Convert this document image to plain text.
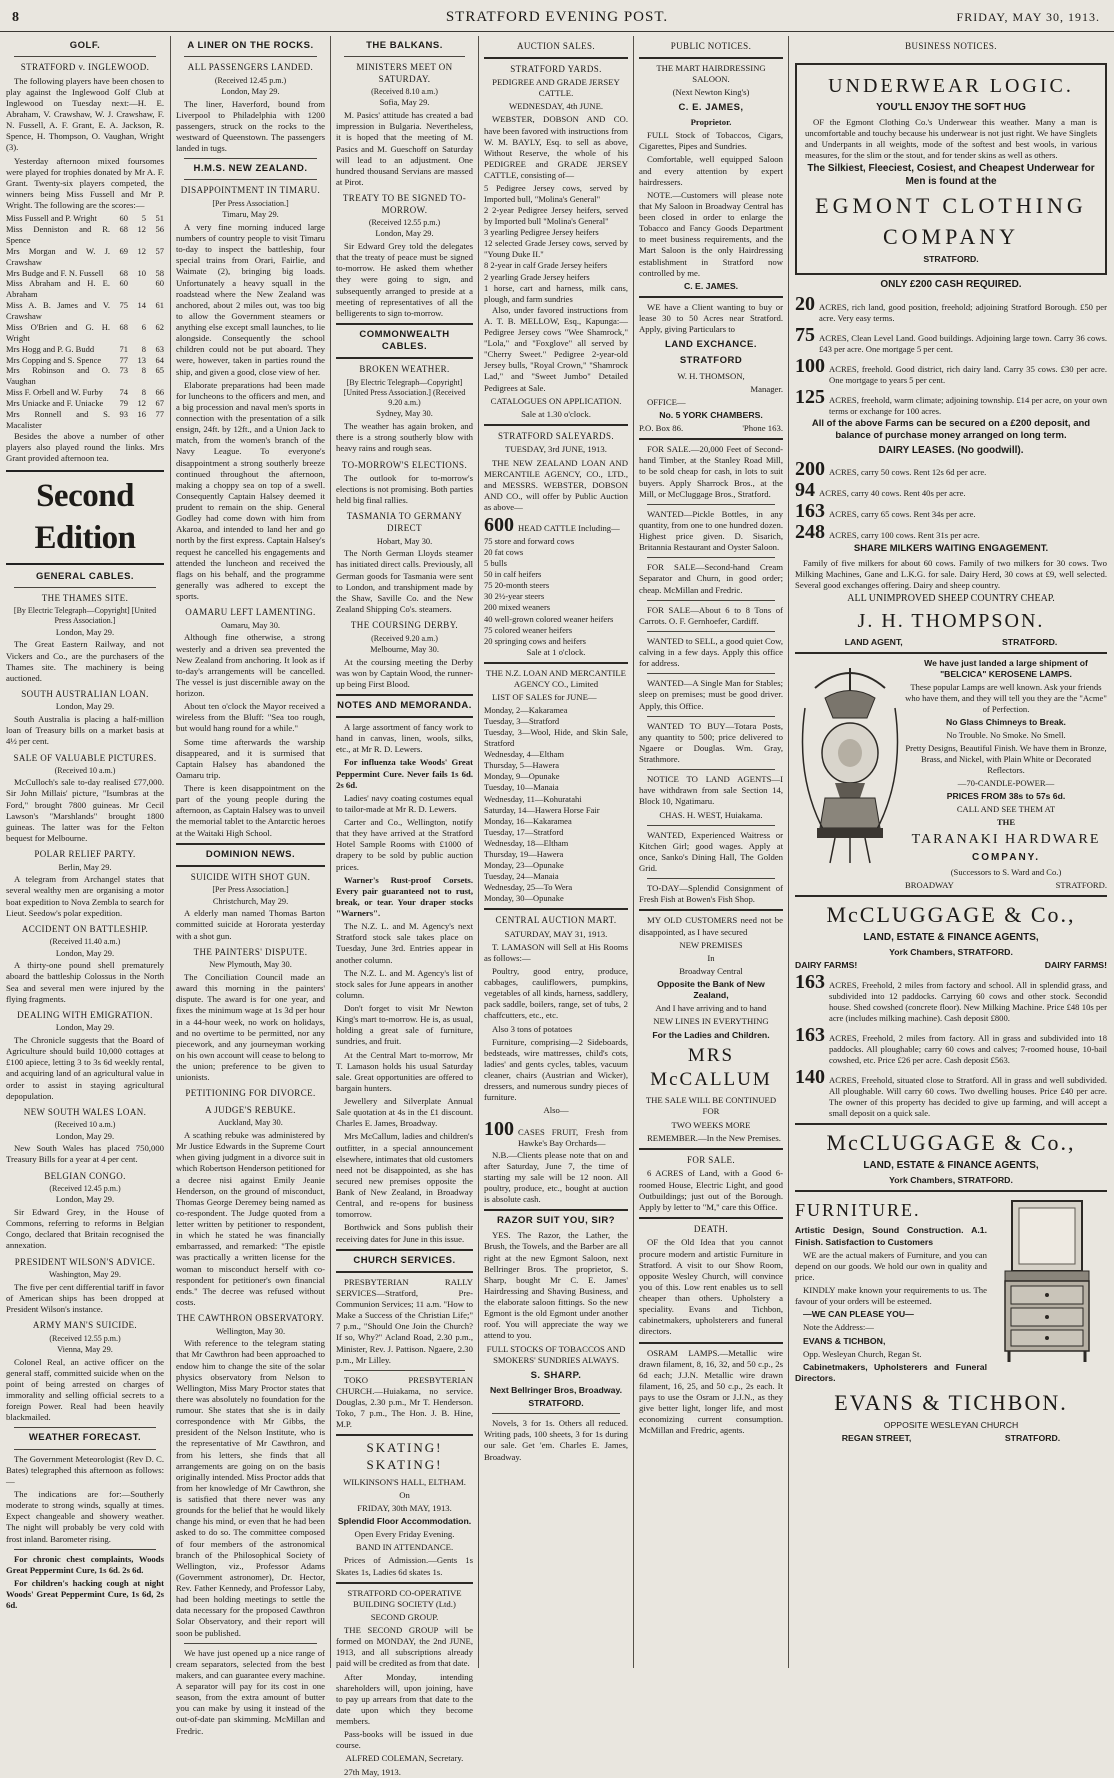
8	STRATFORD EVENING POST.	FRIDAY, MAY 30, 1913.
GOLF.
STRATFORD v. INGLEWOOD.

The following players have been chosen to play against the Inglewood Golf Club at Inglewood on Tuesday next:—H. E. Abraham, V. Crawshaw, W. J. Crawshaw, F. N. Fussell, A. F. Grant, E. A. Jackson, R. Spence, H. Thompson, O. Vaughan, Wright (3).

Yesterday afternoon mixed foursomes were played for trophies donated by Mr A. F. Grant. Twenty-six players competed, the winners being Miss Fussell and Mr P. Wright. The following are the scores:—

Miss Fussell and P. Wright	60	5	51
Miss Denniston and R. Spence	68	12	56
Mrs Morgan and W. J. Crawshaw	69	12	57
Mrs Budge and F. N. Fussell	68	10	58
Miss Abraham and H. E. Abraham	60		60
Miss A. B. James and V. Crawshaw	75	14	61
Miss O'Brien and G. H. Wright	68	6	62
Mrs Hogg and P. G. Budd	71	8	63
Mrs Copping and S. Spence	77	13	64
Mrs Robinson and O. Vaughan	73	8	65
Miss F. Orbell and W. Furby	74	8	66
Mrs Uniacke and F. Uniacke	79	12	67
Mrs Ronnell and S. Macalister	93	16	77

Besides the above a number of other players also played round the links. Mrs Grant provided afternoon tea.

Second Edition
GENERAL CABLES.
THE THAMES SITE.
[By Electric Telegraph—Copyright] [United Press Association.]
London, May 29.

The Great Eastern Railway, and not Vickers and Co., are the purchasers of the Thames site. The machinery is being auctioned.

SOUTH AUSTRALIAN LOAN.
London, May 29.

South Australia is placing a half-million loan of Treasury bills on a market basis at 4½ per cent.

SALE OF VALUABLE PICTURES.
(Received 10 a.m.)

McCulloch's sale to-day realised £77,000. Sir John Millais' picture, "Isumbras at the Ford," brought 7800 guineas. Mr Cecil Lawson's "Marshlands" brought 1800 guineas. The latter was for the Felton bequest for Melbourne.

POLAR RELIEF PARTY.
Berlin, May 29.

A telegram from Archangel states that several wealthy men are organising a motor boat expedition to Nova Zembla to search for Lieut. Seedow's polar expedition.

ACCIDENT ON BATTLESHIP.
(Received 11.40 a.m.)
London, May 29.

A thirty-one pound shell prematurely aboard the battleship Colossus in the North Sea and several men were injured by the flying fragments.

DEALING WITH EMIGRATION.
London, May 29.

The Chronicle suggests that the Board of Agriculture should build 10,000 cottages at £100 apiece, letting 3 to 3s 6d weekly rental, and acquiring land of an agricultural value in order to assist in staying agricultural depopulation.

NEW SOUTH WALES LOAN.
(Received 10 a.m.)
London, May 29.

New South Wales has placed 750,000 Treasury Bills for a year at 4 per cent.

BELGIAN CONGO.
(Received 12.45 p.m.)
London, May 29.

Sir Edward Grey, in the House of Commons, referring to reforms in Belgian Congo, declared that Britain recognised the annexation.

PRESIDENT WILSON'S ADVICE.
Washington, May 29.

The five per cent differential tariff in favor of American ships has been dropped at President Wilson's instance.

ARMY MAN'S SUICIDE.
(Received 12.55 p.m.)
Vienna, May 29.

Colonel Real, an active officer on the general staff, committed suicide when on the point of being arrested on charges of immorality and selling official secrets to a foreign Power. Real had been heavily blackmailed.

WEATHER FORECAST.

The Government Meteorologist (Rev D. C. Bates) telegraphed this afternoon as follows:—

The indications are for:—Southerly moderate to strong winds, squally at times. Expect changeable and showery weather. The night will probably be very cold with frost inland. Barometer rising.

For chronic chest complaints, Woods Great Peppermint Cure, 1s 6d. 2s 6d.

For children's hacking cough at night Woods' Great Peppermint Cure, 1s 6d, 2s 6d.

A LINER ON THE ROCKS.
ALL PASSENGERS LANDED.
(Received 12.45 p.m.)
London, May 29.

The liner, Haverford, bound from Liverpool to Philadelphia with 1200 passengers, struck on the rocks to the westward of Queenstown. The passengers landed in tugs.

H.M.S. NEW ZEALAND.
DISAPPOINTMENT IN TIMARU.
[Per Press Association.]
Timaru, May 29.

A very fine morning induced large numbers of country people to visit Timaru to-day to inspect the battleship, four special trains from Orari, Fairlie, and Waimate (2), bringing big loads. Unfortunately a heavy squall in the roadstead where the New Zealand was anchored, about 2 miles out, was too big to allow the Government steamers or anything else except small launches, to lie alongside. Consequently the school children could not be put aboard. They were, however, taken in parties round the ship, and given a good, close view of her.

Elaborate preparations had been made for luncheons to the officers and men, and a big procession and naval men's sports in connection with the presentation of a silk ensign, 24ft. by 12ft., and a Union Jack to match, from the women's branch of the Navy League. To everyone's disappointment a strong southerly breeze continued throughout the afternoon, making a choppy sea on top of a swell. Consequently Captain Halsey deemed it prudent to remain on the ship. General Godley had come down with him from Akaroa, and intended to land her and go north by the first express. Captain Halsey's request he cancelled his engagements and attended the luncheon and received the flags on his behalf, and the programme generally was adhered to except the sports.

OAMARU LEFT LAMENTING.
Oamaru, May 30.

Although fine otherwise, a strong westerly and a driven sea prevented the New Zealand from anchoring. It look as if to-day's arrangements will be cancelled. The vessel is just discernible away on the horizon.

About ten o'clock the Mayor received a wireless from the Bluff: "Sea too rough, but would hang round for a while."

Some time afterwards the warship disappeared, and it is surmised that Captain Halsey has abandoned the Oamaru trip.

There is keen disappointment on the part of the young people during the afternoon, as Captain Halsey was to unveil the memorial tablet to the Antarctic heroes at the Waitaki High School.

DOMINION NEWS.
SUICIDE WITH SHOT GUN.
[Per Press Association.]
Christchurch, May 29.

A elderly man named Thomas Barton committed suicide at Hororata yesterday with a shot gun.

THE PAINTERS' DISPUTE.
New Plymouth, May 30.

The Conciliation Council made an award this morning in the painters' dispute. The award is for one year, and fixes the minimum wage at 1s 3d per hour in a 44-hour week, no work on holidays, and no overtime to be permitted, nor any piecework, and any journeyman working on his own account will cease to belong to the union; preference to be given to unionists.

PETITIONING FOR DIVORCE.
A JUDGE'S REBUKE.
Auckland, May 30.

A scathing rebuke was administered by Mr Justice Edwards in the Supreme Court when giving judgment in a divorce suit in which Robertson Henderson petitioned for a decree nisi against Emily Jeanie Henderson, on the ground of misconduct, Thomas George Deremey being named as co-respondent. The Judge quoted from a letter written by petitioner to respondent, in which he stated he was financially embarrassed, and remarked: "The epistle was practically a written license for the woman to misconduct herself with co-respondent for petitioner's own financial ends." The decree was refused without costs.

THE CAWTHRON OBSERVATORY.
Wellington, May 30.

With reference to the telegram stating that Mr Cawthron had been approached to endow him to change the site of the solar physics observatory from Nelson to Wellington, Miss Mary Proctor states that there was absolutely no foundation for the rumour. She states that she is in daily correspondence with Mr Gibbs, the president of the Nelson Institute, who is the representative of Mr Cawthron, and from his letters, she finds that all arrangements are going on on the basis originally intended. Miss Proctor adds that from her knowledge of Mr Cawthron, she is satisfied that there never was any grounds for the belief that he would likely change his mind, or even that he had been asked to do so. The committee composed of four members of the astronomical branch of the Philosophical Society of Wellington, viz., Professor Adams (Government astronomer), Dr. Hector, Rev. Father Kennedy, and Professor Laby, had been holding meetings to settle the data necessary for the proposed Cawthron Solar Observatory, and their report will soon be published.

We have just opened up a nice range of cream separators, selected from the best makers, and can guarantee every machine. A separator will pay for its cost in one season, from the extra amount of butter you can make by using it instead of the out-of-date pan skimming. McMillan and Fredric.

THE BALKANS.
MINISTERS MEET ON SATURDAY.
(Received 8.10 a.m.)
Sofia, May 29.

M. Pasics' attitude has created a bad impression in Bulgaria. Nevertheless, it is hoped that the meeting of M. Pasics and M. Gueschoff on Saturday will lead to an adjustment. One hundred thousand Servians are massed at Pirot.

TREATY TO BE SIGNED TO-MORROW.
(Received 12.55 p.m.)
London, May 29.

Sir Edward Grey told the delegates that the treaty of peace must be signed to-morrow. He asked them whether they were going to sign, and subsequently arranged to preside at a meeting of representatives of all the belligerents to sign to-morrow.

COMMONWEALTH CABLES.
BROKEN WEATHER.
[By Electric Telegraph—Copyright] [United Press Association.] (Received 9.20 a.m.)
Sydney, May 30.

The weather has again broken, and there is a strong southerly blow with heavy rains and rough seas.

TO-MORROW'S ELECTIONS.

The outlook for to-morrow's elections is not promising. Both parties held big final rallies.

TASMANIA TO GERMANY DIRECT
Hobart, May 30.

The North German Lloyds steamer has initiated direct calls. Previously, all German goods for Tasmania were sent to London, and transhipment made by the Shaw, Saville Co. and the New Zealand Shipping Co's. steamers.

THE COURSING DERBY.
(Received 9.20 a.m.)
Melbourne, May 30.

At the coursing meeting the Derby was won by Captain Wood, the runner-up being First Blood.

NOTES AND MEMORANDA.

A large assortment of fancy work to hand in canvas, linen, wools, silks, etc., at Mr R. D. Lewers.

For influenza take Woods' Great Peppermint Cure. Never fails 1s 6d. 2s 6d.

Ladies' navy coating costumes equal to tailor-made at Mr R. D. Lewers.

Carter and Co., Wellington, notify that they have arrived at the Stratford Hotel Sample Rooms with £1000 of drapery to be sold by public auction prices.

Warner's Rust-proof Corsets. Every pair guaranteed not to rust, break, or tear. Your draper stocks "Warners".

The N.Z. L. and M. Agency's next Stratford stock sale takes place on Tuesday, June 3rd. Entries appear in another column.

The N.Z. L. and M. Agency's list of stock sales for June appears in another column.

Don't forget to visit Mr Newton King's mart to-morrow. He is, as usual, holding a great sale of furniture, sundries, and fruit.

At the Central Mart to-morrow, Mr T. Lamason holds his usual Saturday sale. Great opportunities are offered to bargain hunters.

Jewellery and Silverplate Annual Sale quotation at 4s in the £1 discount. Charles E. James, Broadway.

Mrs McCallum, ladies and children's outfitter, in a special announcement elsewhere, intimates that old customers need not be disappointed, as she has secured new premises opposite the Bank of New Zealand, in Broadway Central, and re-opens for business tomorrow.

Borthwick and Sons publish their receiving dates for June in this issue.

CHURCH SERVICES.

PRESBYTERIAN RALLY SERVICES—Stratford, Pre-Communion Services; 11 a.m. "How to Make a Success of the Christian Life;" 7 p.m., "Should One Join the Church? If so, Why?" Acland Road, 2.30 p.m., Minister, Rev. J. Pattison. Ngaere, 2.30 p.m., Mr Lilley.

TOKO PRESBYTERIAN CHURCH.—Huiakama, no service. Douglas, 2.30 p.m., Mr T. Henderson. Toko, 7 p.m., The Hon. J. B. Hine, M.P.

SKATING! SKATING!

WILKINSON'S HALL, ELTHAM.

On

FRIDAY, 30th MAY, 1913.

Splendid Floor Accommodation.

Open Every Friday Evening.

BAND IN ATTENDANCE.

Prices of Admission.—Gents 1s Skates 1s, Ladies 6d skates 1s.

STRATFORD CO-OPERATIVE BUILDING SOCIETY (Ltd.)

SECOND GROUP.

THE SECOND GROUP will be formed on MONDAY, the 2nd JUNE, 1913, and all subscriptions already paid will be credited as from that date.

After Monday, intending shareholders will, upon joining, have to pay up arrears from that date to the date upon which they become members.

Pass-books will be issued in due course.

ALFRED COLEMAN, Secretary.

27th May, 1913.

AUCTION SALES.
STRATFORD YARDS.

PEDIGREE AND GRADE JERSEY CATTLE.

WEDNESDAY, 4th JUNE.

WEBSTER, DOBSON AND CO. have been favored with instructions from W. M. BAYLY, Esq. to sell as above, Without Reserve, the whole of his PEDIGREE and GRADE JERSEY CATTLE, consisting of—

5 Pedigree Jersey cows, served by Imported bull, "Molina's General"
2 2-year Pedigree Jersey heifers, served by Imported bull "Molina's General"
3 yearling Pedigree Jersey heifers
12 selected Grade Jersey cows, served by "Young Duke II."
8 2-year in calf Grade Jersey heifers
2 yearling Grade Jersey heifers
1 horse, cart and harness, milk cans, plough, and farm sundries

Also, under favored instructions from A. T. B. MELLOW, Esq., Kapunga:—Pedigree Jersey cows "Wee Shamrock," "Lola," and "Foxglove" all served by "Cherry Sweet." Pedigree 2-year-old Jersey bulls, "Royal Crown," "Shamrock Lad," and "Sweet Jumbo" Detailed Pedigrees at Sale.

CATALOGUES ON APPLICATION.

Sale at 1.30 o'clock.

STRATFORD SALEYARDS.

TUESDAY, 3rd JUNE, 1913.

THE NEW ZEALAND LOAN AND MERCANTILE AGENCY, CO., LTD., and MESSRS. WEBSTER, DOBSON AND CO., will offer by Public Auction as above—

600 HEAD CATTLE Including—
75 store and forward cows
20 fat cows
5 bulls
50 in calf heifers
75 20-month steers
30 2½-year steers
200 mixed weaners
40 well-grown colored weaner heifers
75 colored weaner heifers
20 springing cows and heifers

Sale at 1 o'clock.

THE N.Z. LOAN AND MERCANTILE AGENCY CO., Limited

LIST OF SALES for JUNE—

Monday, 2—Kakaramea
Tuesday, 3—Stratford
Tuesday, 3—Wool, Hide, and Skin Sale, Stratford
Wednesday, 4—Eltham
Thursday, 5—Hawera
Monday, 9—Opunake
Tuesday, 10—Manaia
Wednesday, 11—Kohuratahi
Saturday, 14—Hawera Horse Fair
Monday, 16—Kakaramea
Tuesday, 17—Stratford
Wednesday, 18—Eltham
Thursday, 19—Hawera
Monday, 23—Opunake
Tuesday, 24—Manaia
Wednesday, 25—To Wera
Monday, 30—Opunake
CENTRAL AUCTION MART.

SATURDAY, MAY 31, 1913.

T. LAMASON will Sell at His Rooms as follows:—

Poultry, good entry, produce, cabbages, cauliflowers, pumpkins, vegetables of all kinds, harness, saddlery, pack saddle, boilers, range, set of tubs, 2 chaffcutters, etc., etc.

Also 3 tons of potatoes

Furniture, comprising—2 Sideboards, bedsteads, wire mattresses, child's cots, ladies' and gents cycles, tables, vacuum cleaner, chairs (Austrian and Wicker), dressers, and numerous sundry pieces of furniture.

Also—

100 CASES FRUIT, Fresh from Hawke's Bay Orchards—

N.B.—Clients please note that on and after Saturday, June 7, the time of starting my sale will be 12 noon. All poultry, produce, etc., bought at auction is absolute cash.

RAZOR SUIT YOU, SIR?

YES. The Razor, the Lather, the Brush, the Towels, and the Barber are all right at the new Egmont Saloon, next Bellringer Bros. The proprietor, S. Sharp, bought Mr C. E. James' Hairdressing and Shaving Business, and the elaborate saloon fittings. So the new Egmont is the old Egmont under another roof. You will appreciate the way we attend to you.

FULL STOCKS OF TOBACCOS AND SMOKERS' SUNDRIES ALWAYS.

S. SHARP.

Next Bellringer Bros, Broadway.

STRATFORD.

Novels, 3 for 1s. Others all reduced. Writing pads, 100 sheets, 3 for 1s during our sale. Get 'em. Charles E. James, Broadway.

PUBLIC NOTICES.

THE MART HAIRDRESSING SALOON.

(Next Newton King's)

C. E. JAMES,

Proprietor.

FULL Stock of Tobaccos, Cigars, Cigarettes, Pipes and Sundries.

Comfortable, well equipped Saloon and every attention by expert hairdressers.

NOTE.—Customers will please note that My Saloon in Broadway Central has been closed in order to enlarge the Tobacco and Fancy Goods Department to meet business requirements, and the Mart Saloon is the only Hairdressing establishment in Stratford now controlled by me.

C. E. JAMES.

WE have a Client wanting to buy or lease 30 to 50 Acres near Stratford. Apply, giving Particulars to

LAND EXCHANCE.
STRATFORD

W. H. THOMSON,

Manager.

OFFICE—

No. 5 YORK CHAMBERS.

P.O. Box 86.	'Phone 163.

FOR SALE.—20,000 Feet of Second-hand Timber, at the Stanley Road Mill, to be sold cheap for cash, in lots to suit buyers. Apply Sharrock Bros., at the Mill, or McCluggage Bros., Stratford.

WANTED—Pickle Bottles, in any quantity, from one to one hundred dozen. Highest price given. D. Sisarich, Britannia Restaurant and Oyster Saloon.

FOR SALE—Second-hand Cream Separator and Churn, in good order; cheap. McMillan and Fredric.

FOR SALE—About 6 to 8 Tons of Carrots. O. F. Gernhoefer, Cardiff.

WANTED to SELL, a good quiet Cow, calving in a few days. Apply this office for address.

WANTED—A Single Man for Stables; sleep on premises; must be good driver. Apply, this Office.

WANTED TO BUY—Totara Posts, any quantity to 500; price delivered to Ngaere or Douglas. Wm. Gray, Strathmore.

NOTICE TO LAND AGENTS—I have withdrawn from sale Section 14, Block 10, Ngatimaru.

CHAS. H. WEST, Huiakama.

WANTED, Experienced Waitress or Kitchen Girl; good wages. Apply at once, Sanko's Dining Hall, The Golden Grid.

TO-DAY—Splendid Consignment of Fresh Fish at Bowen's Fish Shop.

MY OLD CUSTOMERS need not be disappointed, as I have secured

NEW PREMISES

In

Broadway Central

Opposite the Bank of New Zealand,

And I have arriving and to hand

NEW LINES IN EVERYTHING

For the Ladies and Children.

MRS McCALLUM

THE SALE WILL BE CONTINUED FOR

TWO WEEKS MORE

REMEMBER.—In the New Premises.

FOR SALE.

6 ACRES of Land, with a Good 6-roomed House, Electric Light, and good Outbuildings; just out of the Borough. Apply by letter to "M," care this Office.

DEATH.

OF the Old Idea that you cannot procure modern and artistic Furniture in Stratford. A visit to our Show Room, opposite Wesley Church, will convince you of this. Low rent enables us to sell cheaper than others. Upholstery a speciality. Evans and Tichbon, cabinetmakers, upholsterers and funeral directors.

OSRAM LAMPS.—Metallic wire drawn filament, 8, 16, 32, and 50 c.p., 2s 6d each; J.J.N. Metallic wire drawn filament, 16, 25, and 50 c.p., 2s each. It pays to use the Osram or J.J.N., as they give better light, longer life, and most economizing current consumption. McMillan and Fredric, agents.

BUSINESS NOTICES.
UNDERWEAR LOGIC.

YOU'LL ENJOY THE SOFT HUG

OF the Egmont Clothing Co.'s Underwear this weather. Many a man is uncomfortable and touchy because his underwear is not just right. We have Singlets and Underpants in all weights, mode of the softest and best wools, in various measures, for the slim or the stout, and for tender skins as well as others.

The Silkiest, Fleeciest, Cosiest, and Cheapest Underwear for Men is found at the

EGMONT CLOTHING
COMPANY

STRATFORD.

ONLY £200 CASH REQUIRED.

20 ACRES, rich land, good position, freehold; adjoining Stratford Borough. £50 per acre. Very easy terms.
75 ACRES, Clean Level Land. Good buildings. Adjoining large town. Carry 36 cows. £43 per acre. One mortgage 5 per cent.
100 ACRES, freehold. Good district, rich dairy land. Carry 35 cows. £30 per acre. One mortgage to years 5 per cent.
125 ACRES, freehold, warm climate; adjoining township. £14 per acre, on your own terms or exchange for 100 acres.

All of the above Farms can be secured on a £200 deposit, and balance of purchase money arranged on long term.

DAIRY LEASES. (No goodwill).

200 ACRES, carry 50 cows. Rent 12s 6d per acre.
94 ACRES, carry 40 cows. Rent 40s per acre.
163 ACRES, carry 65 cows. Rent 34s per acre.
248 ACRES, carry 100 cows. Rent 31s per acre.

SHARE MILKERS WAITING ENGAGEMENT.

Family of five milkers for about 60 cows. Family of two milkers for 30 cows. Two Milking Machines, Gane and L.K.G. for sale. Dairy Herd, 30 cows at £9, well selected. Several good exchanges offering. Dairy and sheep country.

ALL UNIMPROVED SHEEP COUNTRY CHEAP.

J. H. THOMPSON.
LAND AGENT,	STRATFORD.

We have just landed a large shipment of "BELCICA" KEROSENE LAMPS.

These popular Lamps are well known. Ask your friends who have them, and they will tell you they are the "Acme" of Perfection.

No Glass Chimneys to Break.

No Trouble. No Smoke. No Smell.

Pretty Designs, Beautiful Finish. We have them in Bronze, Brass, and Nickel, with Plain White or Decorated Reflectors.

—70-CANDLE-POWER—

PRICES FROM 38s to 57s 6d.

CALL AND SEE THEM AT

THE

TARANAKI HARDWARE

COMPANY.

(Successors to S. Ward and Co.)

BROADWAY	STRATFORD.
McCLUGGAGE & Co.,

LAND, ESTATE & FINANCE AGENTS,

York Chambers, STRATFORD.

DAIRY FARMS!	DAIRY FARMS!
163 ACRES, Freehold, 2 miles from factory and school. All in splendid grass, and subdivided into 12 paddocks. Carrying 60 cows and other stock. Secondid house. Shed cowshed (concrete floor). New Milking Machine. Price £48 10s per acre (includes milking machine). Cash deposit £800.
163 ACRES, Freehold, 2 miles from factory. All in grass and subdivided into 18 paddocks. All ploughable; carry 60 cows and calves; 7-roomed house, 10-bail cowshed, etc. Price £26 per acre. Cash deposit £563.
140 ACRES, Freehold, situated close to Stratford. All in grass and well subdivided. All ploughable. Will carry 60 cows. Two dwelling houses. Price £40 per acre. The owner of this property has decided to give up farming, and will accept a small deposit on a quick sale.
McCLUGGAGE & Co.,

LAND, ESTATE & FINANCE AGENTS,

York Chambers, STRATFORD.

FURNITURE.

Artistic Design, Sound Construction. A.1. Finish. Satisfaction to Customers

WE are the actual makers of Furniture, and you can depend on our goods. We hold our own in quality and price.

KINDLY make known your requirements to us. The favour of your orders will be esteemed.

—WE CAN PLEASE YOU—

Note the Address:—

EVANS & TICHBON,

Opp. Wesleyan Church, Regan St.

Cabinetmakers, Upholsterers and Funeral Directors.

EVANS & TICHBON.

OPPOSITE WESLEYAN CHURCH

REGAN STREET,	STRATFORD.
